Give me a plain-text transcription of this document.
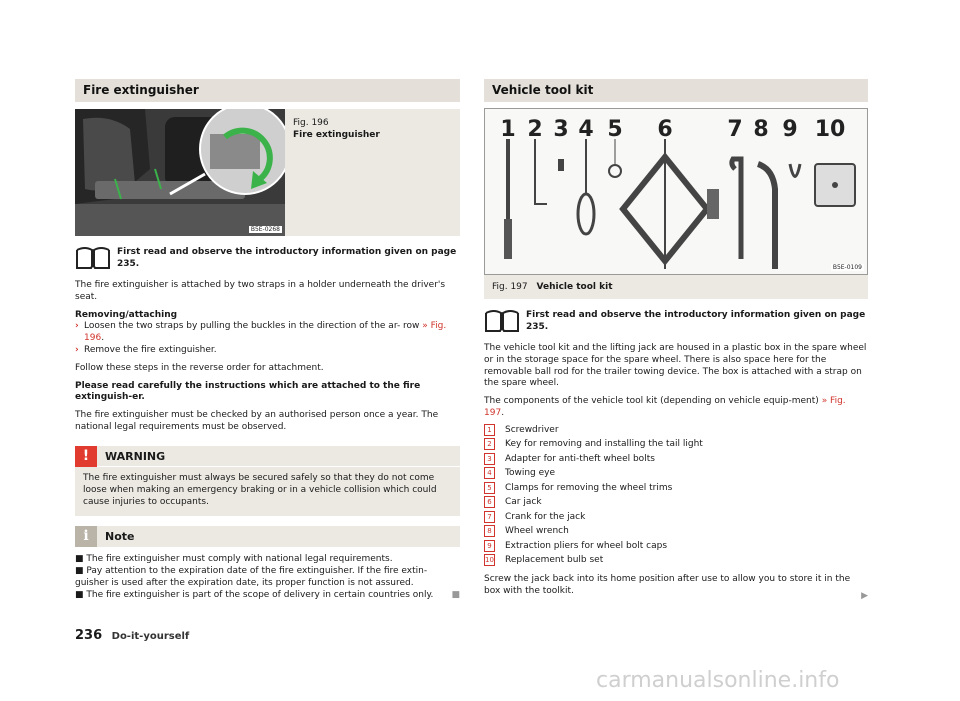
Fire extinguisher
B5E-0268
Fig. 196
Fire extinguisher
First read and observe the introductory information given on page 235.

The fire extinguisher is attached by two straps in a holder underneath the driver's seat.

Removing/attaching

› Loosen the two straps by pulling the buckles in the direction of the ar- row » Fig. 196.
› Remove the fire extinguisher.

Follow these steps in the reverse order for attachment.

Please read carefully the instructions which are attached to the fire extinguish-er.

The fire extinguisher must be checked by an authorised person once a year. The national legal requirements must be observed.

!	WARNING
The fire extinguisher must always be secured safely so that they do not come loose when making an emergency braking or in a vehicle collision which could cause injuries to occupants.
i	Note
■ The fire extinguisher must comply with national legal requirements.
■ Pay attention to the expiration date of the fire extinguisher. If the fire extin-guisher is used after the expiration date, its proper function is not assured.
■ The fire extinguisher is part of the scope of delivery in certain countries only.	■
Vehicle tool kit
1 2 3 4 5 6 7 8 9 10
B5E-0109
Fig. 197 Vehicle tool kit
First read and observe the introductory information given on page 235.

The vehicle tool kit and the lifting jack are housed in a plastic box in the spare wheel or in the storage space for the spare wheel. There is also space here for the removable ball rod for the trailer towing device. The box is attached with a strap on the spare wheel.

The components of the vehicle tool kit (depending on vehicle equip-ment) » Fig. 197.

1	Screwdriver
2	Key for removing and installing the tail light
3	Adapter for anti-theft wheel bolts
4	Towing eye
5	Clamps for removing the wheel trims
6	Car jack
7	Crank for the jack
8	Wheel wrench
9	Extraction pliers for wheel bolt caps
10 Replacement bulb set

Screw the jack back into its home position after use to allow you to store it in the box with the toolkit.

▶
236 Do-it-yourself
carmanualsonline.info
